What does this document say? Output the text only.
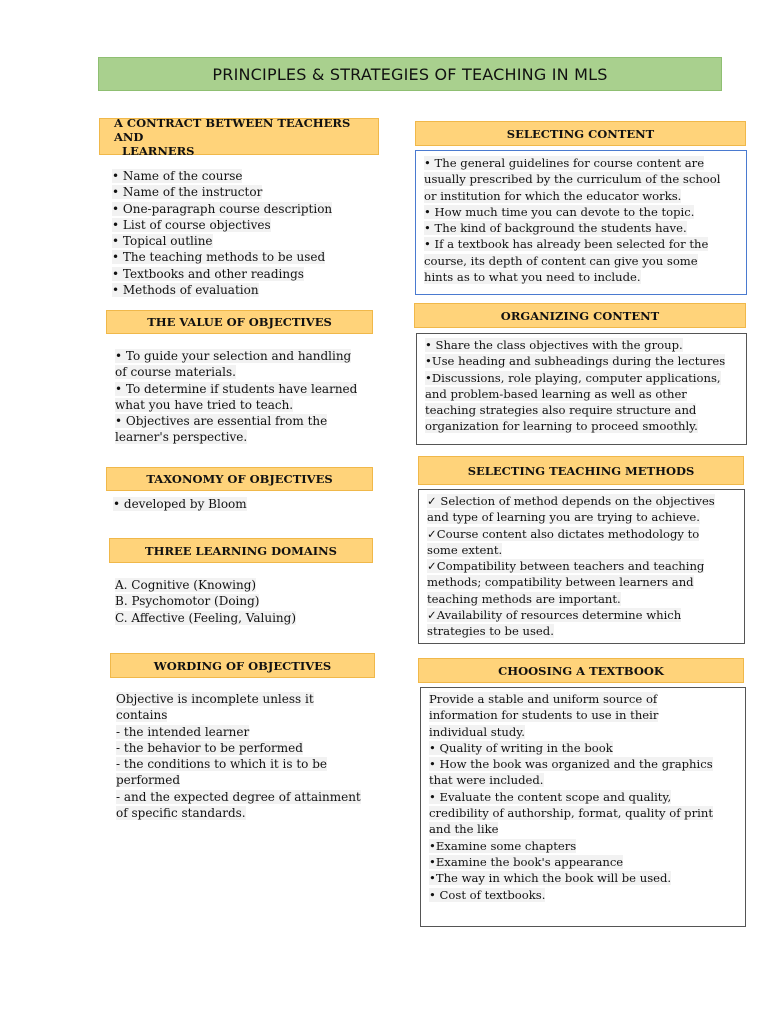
PRINCIPLES & STRATEGIES OF TEACHING IN MLS
A CONTRACT BETWEEN TEACHERS AND
LEARNERS
• Name of the course
• Name of the instructor
• One-paragraph course description
• List of course objectives
• Topical outline
• The teaching methods to be used
• Textbooks and other readings
• Methods of evaluation
THE VALUE OF OBJECTIVES
• To guide your selection and handling
of course materials.
• To determine if students have learned
what you have tried to teach.
• Objectives are essential from the
learner's perspective.
TAXONOMY OF OBJECTIVES
• developed by Bloom
THREE LEARNING DOMAINS
A. Cognitive (Knowing)
B. Psychomotor (Doing)
C. Affective (Feeling, Valuing)
WORDING OF OBJECTIVES
Objective is incomplete unless it
contains
- the intended learner
- the behavior to be performed
- the conditions to which it is to be
performed
- and the expected degree of attainment
of specific standards.
SELECTING CONTENT
• The general guidelines for course content are
usually prescribed by the curriculum of the school
or institution for which the educator works.
• How much time you can devote to the topic.
• The kind of background the students have.
• If a textbook has already been selected for the
course, its depth of content can give you some
hints as to what you need to include.
ORGANIZING CONTENT
• Share the class objectives with the group.
•Use heading and subheadings during the lectures
•Discussions, role playing, computer applications,
and problem-based learning as well as other
teaching strategies also require structure and
organization for learning to proceed smoothly.
SELECTING TEACHING METHODS
✓ Selection of method depends on the objectives
and type of learning you are trying to achieve.
✓Course content also dictates methodology to
some extent.
✓Compatibility between teachers and teaching
methods; compatibility between learners and
teaching methods are important.
✓Availability of resources determine which
strategies to be used.
CHOOSING A TEXTBOOK
Provide a stable and uniform source of
information for students to use in their
individual study.
• Quality of writing in the book
• How the book was organized and the graphics
that were included.
• Evaluate the content scope and quality,
credibility of authorship, format, quality of print
and the like
•Examine some chapters
•Examine the book's appearance
•The way in which the book will be used.
• Cost of textbooks.
